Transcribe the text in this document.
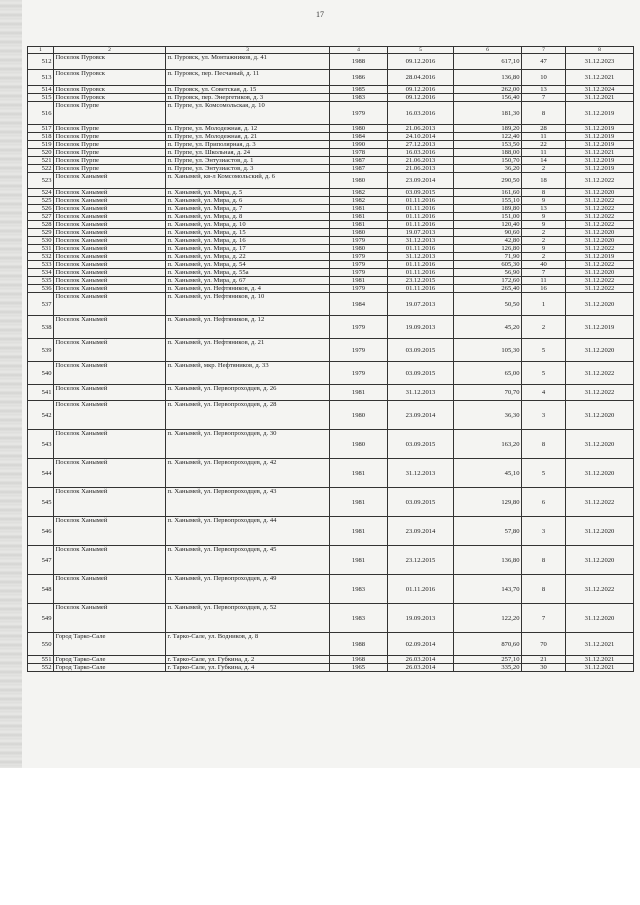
17
1	2	3	4	5	6	7	8
512	Поселок Пуровск	п. Пуровск, ул. Монтажников, д. 41	1988	09.12.2016	617,10	47	31.12.2023
513	Поселок Пуровск	п. Пуровск, пер. Песчаный, д. 11	1986	28.04.2016	136,80	10	31.12.2021
514	Поселок Пуровск	п. Пуровск, ул. Советская, д. 15	1985	09.12.2016	262,00	13	31.12.2024
515	Поселок Пуровск	п. Пуровск, пер. Энергетиков, д. 3	1983	09.12.2016	156,40	7	31.12.2021
516	Поселок Пурпе	п. Пурпе, ул. Комсомольская, д. 10	1979	16.03.2016	181,30	8	31.12.2019
517	Поселок Пурпе	п. Пурпе, ул. Молодежная, д. 12	1980	21.06.2013	189,20	28	31.12.2019
518	Поселок Пурпе	п. Пурпе, ул. Молодежная, д. 21	1984	24.10.2014	122,40	11	31.12.2019
519	Поселок Пурпе	п. Пурпе, ул. Приполярная, д. 3	1990	27.12.2013	153,50	22	31.12.2019
520	Поселок Пурпе	п. Пурпе, ул. Школьная, д. 24	1978	16.03.2016	188,00	11	31.12.2021
521	Поселок Пурпе	п. Пурпе, ул. Энтузиастов, д. 1	1987	21.06.2013	150,70	14	31.12.2019
522	Поселок Пурпе	п. Пурпе, ул. Энтузиастов, д. 3	1987	21.06.2013	36,20	2	31.12.2019
523	Поселок Ханымей	п. Ханымей, кв-л Комсомольский, д. 6	1980	23.09.2014	290,50	18	31.12.2022
524	Поселок Ханымей	п. Ханымей, ул. Мира, д. 5	1982	03.09.2015	161,60	8	31.12.2020
525	Поселок Ханымей	п. Ханымей, ул. Мира, д. 6	1982	01.11.2016	155,10	9	31.12.2022
526	Поселок Ханымей	п. Ханымей, ул. Мира, д. 7	1981	01.11.2016	189,80	13	31.12.2022
527	Поселок Ханымей	п. Ханымей, ул. Мира, д. 8	1981	01.11.2016	151,00	9	31.12.2022
528	Поселок Ханымей	п. Ханымей, ул. Мира, д. 10	1981	01.11.2016	120,40	9	31.12.2022
529	Поселок Ханымей	п. Ханымей, ул. Мира, д. 15	1980	19.07.2013	90,60	2	31.12.2020
530	Поселок Ханымей	п. Ханымей, ул. Мира, д. 16	1979	31.12.2013	42,80	2	31.12.2020
531	Поселок Ханымей	п. Ханымей, ул. Мира, д. 17	1980	01.11.2016	126,80	9	31.12.2022
532	Поселок Ханымей	п. Ханымей, ул. Мира, д. 22	1979	31.12.2013	71,90	2	31.12.2019
533	Поселок Ханымей	п. Ханымей, ул. Мира, д. 54	1979	01.11.2016	605,30	40	31.12.2022
534	Поселок Ханымей	п. Ханымей, ул. Мира, д. 55а	1979	01.11.2016	56,90	7	31.12.2020
535	Поселок Ханымей	п. Ханымей, ул. Мира, д. 67	1981	23.12.2015	172,60	11	31.12.2022
536	Поселок Ханымей	п. Ханымей, ул. Нефтяников, д. 4	1979	01.11.2016	265,40	16	31.12.2022
537	Поселок Ханымей	п. Ханымей, ул. Нефтяников, д. 10	1984	19.07.2013	50,50	1	31.12.2020
538	Поселок Ханымей	п. Ханымей, ул. Нефтяников, д. 12	1979	19.09.2013	45,20	2	31.12.2019
539	Поселок Ханымей	п. Ханымей, ул. Нефтяников, д. 21	1979	03.09.2015	105,30	5	31.12.2020
540	Поселок Ханымей	п. Ханымей, мкр. Нефтяников, д. 33	1979	03.09.2015	65,00	5	31.12.2022
541	Поселок Ханымей	п. Ханымей, ул. Первопроходцев, д. 26	1981	31.12.2013	70,70	4	31.12.2022
542	Поселок Ханымей	п. Ханымей, ул. Первопроходцев, д. 28	1980	23.09.2014	36,30	3	31.12.2020
543	Поселок Ханымей	п. Ханымей, ул. Первопроходцев, д. 30	1980	03.09.2015	163,20	8	31.12.2020
544	Поселок Ханымей	п. Ханымей, ул. Первопроходцев, д. 42	1981	31.12.2013	45,10	5	31.12.2020
545	Поселок Ханымей	п. Ханымей, ул. Первопроходцев, д. 43	1981	03.09.2015	129,80	6	31.12.2022
546	Поселок Ханымей	п. Ханымей, ул. Первопроходцев, д. 44	1981	23.09.2014	57,80	3	31.12.2020
547	Поселок Ханымей	п. Ханымей, ул. Первопроходцев, д. 45	1981	23.12.2015	136,80	8	31.12.2020
548	Поселок Ханымей	п. Ханымей, ул. Первопроходцев, д. 49	1983	01.11.2016	143,70	8	31.12.2022
549	Поселок Ханымей	п. Ханымей, ул. Первопроходцев, д. 52	1983	19.09.2013	122,20	7	31.12.2020
550	Город Тарко-Сале	г. Тарко-Сале, ул. Водников, д. 8	1988	02.09.2014	870,60	70	31.12.2021
551	Город Тарко-Сале	г. Тарко-Сале, ул. Губкина, д. 2	1968	26.03.2014	257,10	21	31.12.2021
552	Город Тарко-Сале	г. Тарко-Сале, ул. Губкина, д. 4	1965	26.03.2014	335,20	30	31.12.2021
